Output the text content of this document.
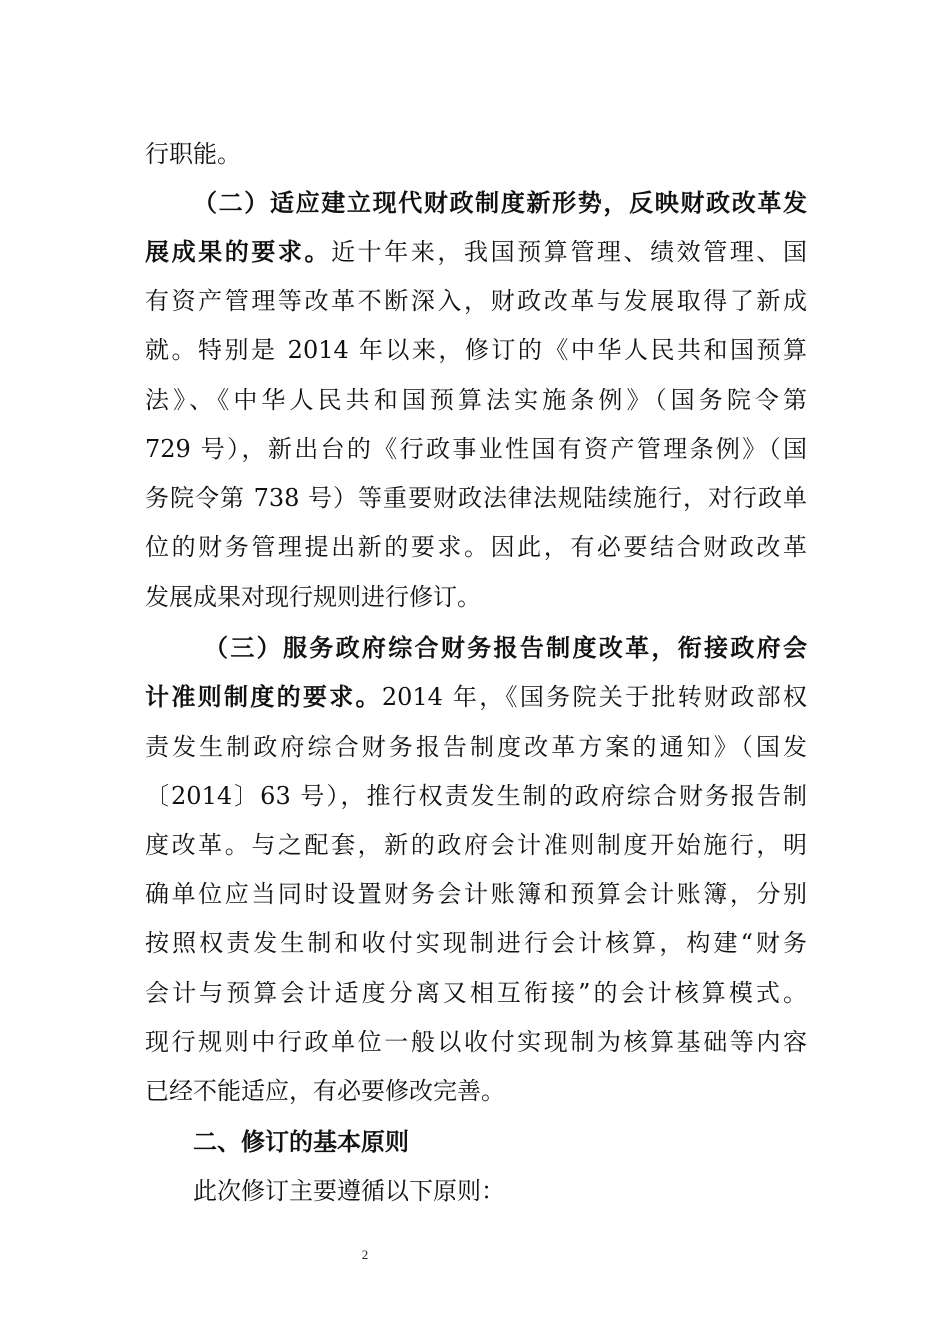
行职能。
（二）适应建立现代财政制度新形势，反映财政改革发
展成果的要求。近十年来，我国预算管理、绩效管理、国
有资产管理等改革不断深入，财政改革与发展取得了新成
就。特别是 2014 年以来，修订的《中华人民共和国预算
法》、《中华人民共和国预算法实施条例》（国务院令第
729 号），新出台的《行政事业性国有资产管理条例》（国
务院令第 738 号）等重要财政法律法规陆续施行，对行政单
位的财务管理提出新的要求。因此，有必要结合财政改革
发展成果对现行规则进行修订。
（三）服务政府综合财务报告制度改革，衔接政府会
计准则制度的要求。2014 年，《国务院关于批转财政部权
责发生制政府综合财务报告制度改革方案的通知》（国发
〔2014〕63 号），推行权责发生制的政府综合财务报告制
度改革。与之配套，新的政府会计准则制度开始施行，明
确单位应当同时设置财务会计账簿和预算会计账簿，分别
按照权责发生制和收付实现制进行会计核算，构建“财务
会计与预算会计适度分离又相互衔接”的会计核算模式。
现行规则中行政单位一般以收付实现制为核算基础等内容
已经不能适应，有必要修改完善。
二、修订的基本原则
此次修订主要遵循以下原则：
2
